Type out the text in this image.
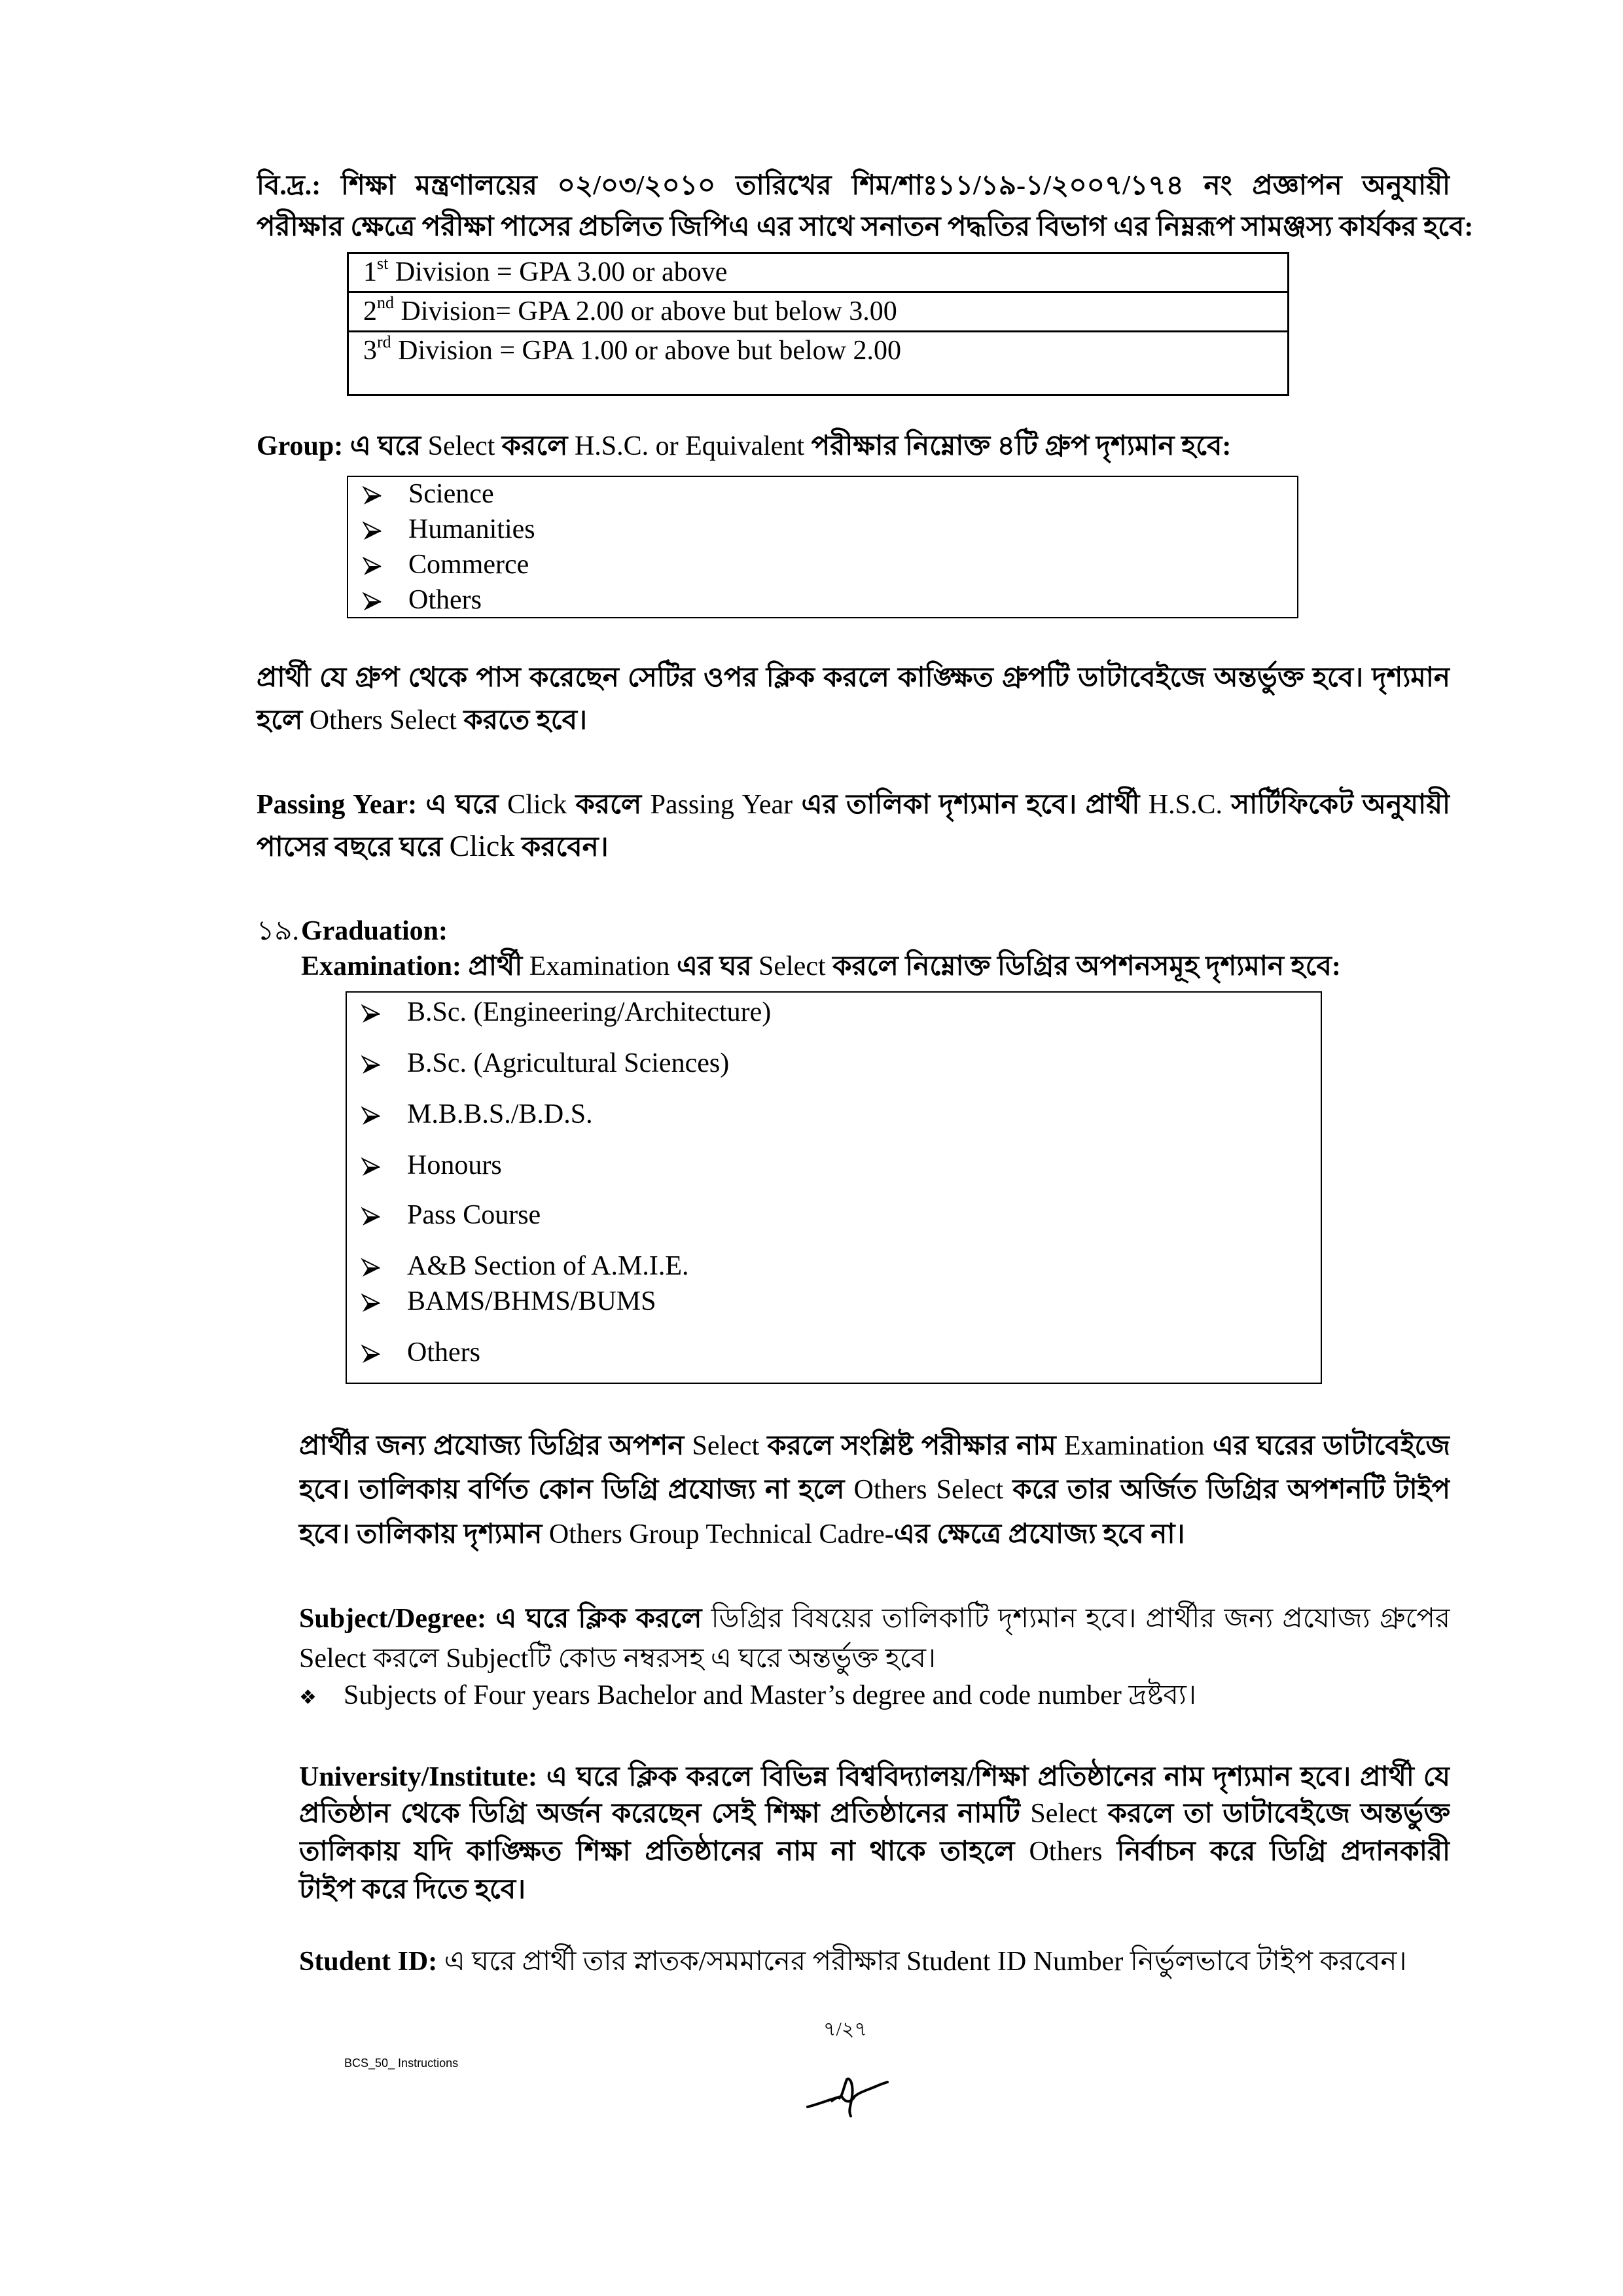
বি.দ্র.: শিক্ষা মন্ত্রণালয়ের ০২/০৩/২০১০ তারিখের শিম/শাঃ১১/১৯-১/২০০৭/১৭৪ নং প্রজ্ঞাপন অনুযায়ী
পরীক্ষার ক্ষেত্রে পরীক্ষা পাসের প্রচলিত জিপিএ এর সাথে সনাতন পদ্ধতির বিভাগ এর নিম্নরূপ সামঞ্জস্য কার্যকর হবে:
1st Division = GPA 3.00 or above
2nd Division= GPA 2.00 or above but below 3.00
3rd Division = GPA 1.00 or above but below 2.00
Group: এ ঘরে Select করলে H.S.C. or Equivalent পরীক্ষার নিম্নোক্ত ৪টি গ্রুপ দৃশ্যমান হবে:
Science
Humanities
Commerce
Others
প্রার্থী যে গ্রুপ থেকে পাস করেছেন সেটির ওপর ক্লিক করলে কাঙ্ক্ষিত গ্রুপটি ডাটাবেইজে অন্তর্ভুক্ত হবে। দৃশ্যমান
হলে Others Select করতে হবে।
Passing Year: এ ঘরে Click করলে Passing Year এর তালিকা দৃশ্যমান হবে। প্রার্থী H.S.C. সার্টিফিকেট অনুযায়ী
পাসের বছরে ঘরে Click করবেন।
১৯.Graduation:
Examination: প্রার্থী Examination এর ঘর Select করলে নিম্নোক্ত ডিগ্রির অপশনসমূহ দৃশ্যমান হবে:
B.Sc. (Engineering/Architecture)
B.Sc. (Agricultural Sciences)
M.B.B.S./B.D.S.
Honours
Pass Course
A&B Section of A.M.I.E.
BAMS/BHMS/BUMS
Others
প্রার্থীর জন্য প্রযোজ্য ডিগ্রির অপশন Select করলে সংশ্লিষ্ট পরীক্ষার নাম Examination এর ঘরের ডাটাবেইজে
হবে। তালিকায় বর্ণিত কোন ডিগ্রি প্রযোজ্য না হলে Others Select করে তার অর্জিত ডিগ্রির অপশনটি টাইপ
হবে। তালিকায় দৃশ্যমান Others Group Technical Cadre-এর ক্ষেত্রে প্রযোজ্য হবে না।
Subject/Degree: এ ঘরে ক্লিক করলে ডিগ্রির বিষয়ের তালিকাটি দৃশ্যমান হবে। প্রার্থীর জন্য প্রযোজ্য গ্রুপের
Select করলে Subjectটি কোড নম্বরসহ এ ঘরে অন্তর্ভুক্ত হবে।
❖ Subjects of Four years Bachelor and Master’s degree and code number দ্রষ্টব্য।
University/Institute: এ ঘরে ক্লিক করলে বিভিন্ন বিশ্ববিদ্যালয়/শিক্ষা প্রতিষ্ঠানের নাম দৃশ্যমান হবে। প্রার্থী যে
প্রতিষ্ঠান থেকে ডিগ্রি অর্জন করেছেন সেই শিক্ষা প্রতিষ্ঠানের নামটি Select করলে তা ডাটাবেইজে অন্তর্ভুক্ত
তালিকায় যদি কাঙ্ক্ষিত শিক্ষা প্রতিষ্ঠানের নাম না থাকে তাহলে Others নির্বাচন করে ডিগ্রি প্রদানকারী
টাইপ করে দিতে হবে।
Student ID: এ ঘরে প্রার্থী তার স্নাতক/সমমানের পরীক্ষার Student ID Number নির্ভুলভাবে টাইপ করবেন।
৭/২৭
BCS_50_ Instructions
